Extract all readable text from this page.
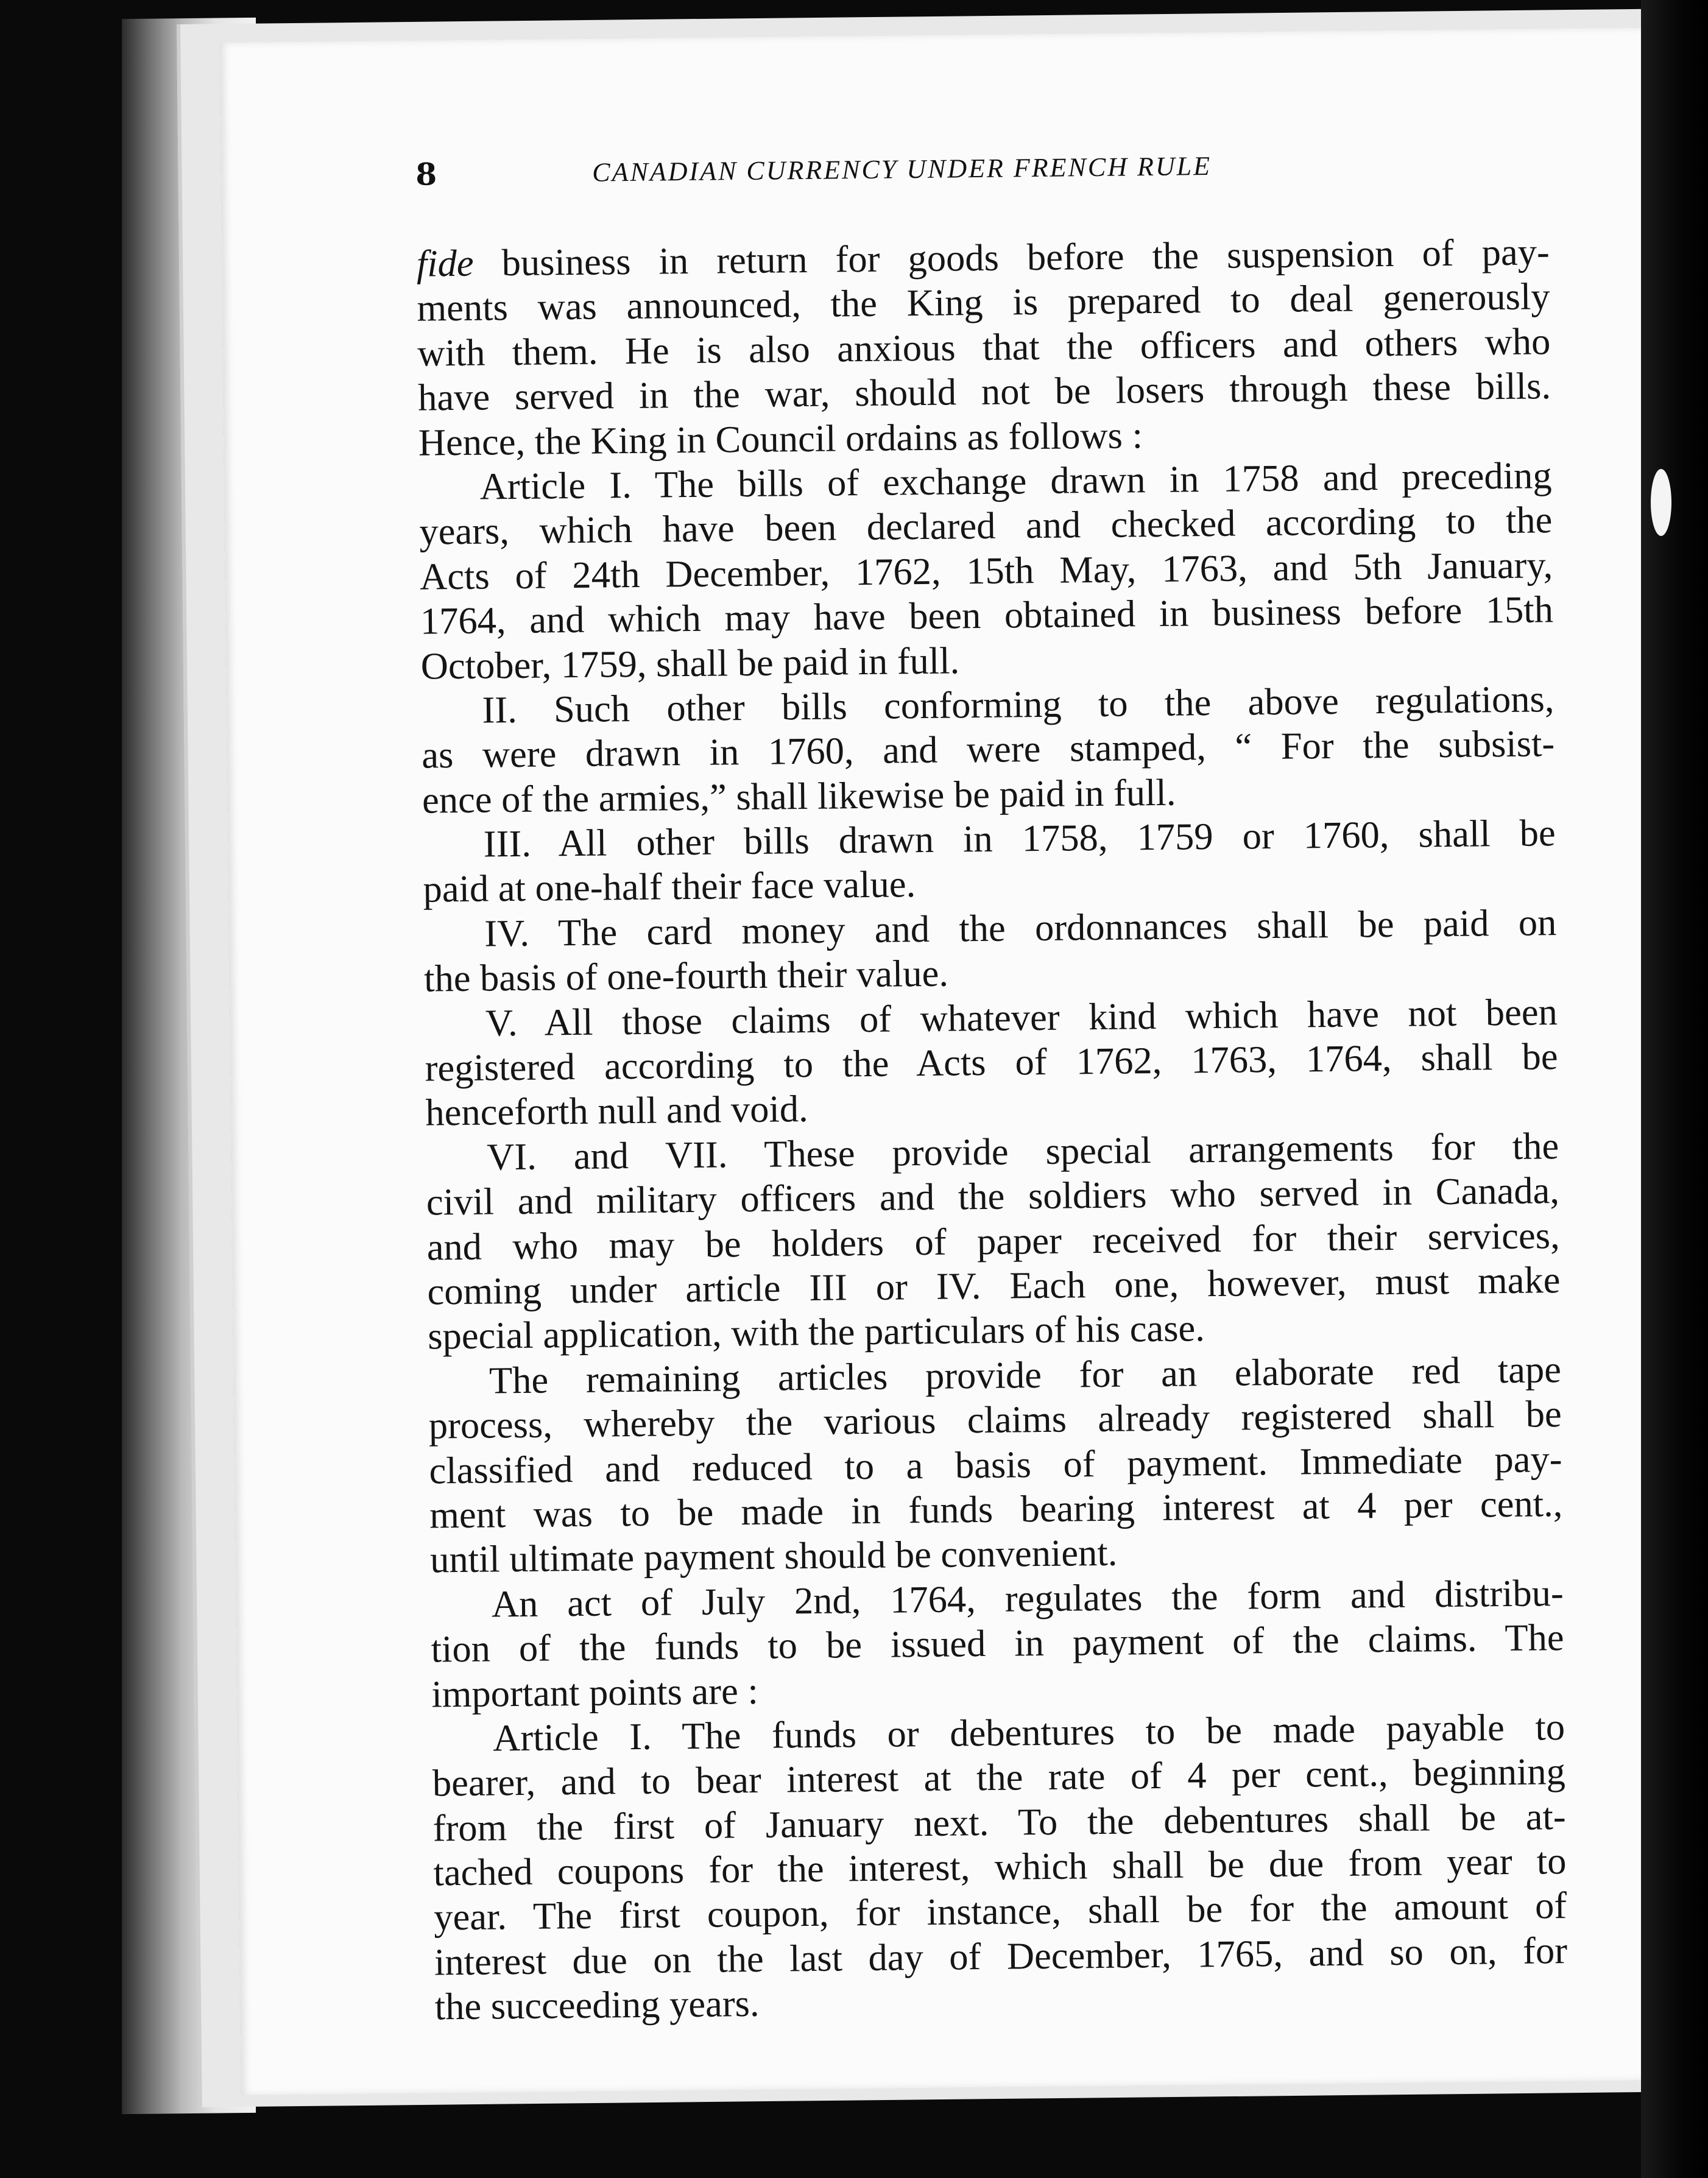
8	CANADIAN CURRENCY UNDER FRENCH RULE
fide business in return for goods before the suspension of pay-
ments was announced, the King is prepared to deal generously
with them. He is also anxious that the officers and others who
have served in the war, should not be losers through these bills.
Hence, the King in Council ordains as follows :
Article I. The bills of exchange drawn in 1758 and preceding
years, which have been declared and checked according to the
Acts of 24th December, 1762, 15th May, 1763, and 5th January,
1764, and which may have been obtained in business before 15th
October, 1759, shall be paid in full.
II. Such other bills conforming to the above regulations,
as were drawn in 1760, and were stamped, “ For the subsist-
ence of the armies,” shall likewise be paid in full.
III. All other bills drawn in 1758, 1759 or 1760, shall be
paid at one-half their face value.
IV. The card money and the ordonnances shall be paid on
the basis of one-fourth their value.
V. All those claims of whatever kind which have not been
registered according to the Acts of 1762, 1763, 1764, shall be
henceforth null and void.
VI. and VII. These provide special arrangements for the
civil and military officers and the soldiers who served in Canada,
and who may be holders of paper received for their services,
coming under article III or IV. Each one, however, must make
special application, with the particulars of his case.
The remaining articles provide for an elaborate red tape
process, whereby the various claims already registered shall be
classified and reduced to a basis of payment. Immediate pay-
ment was to be made in funds bearing interest at 4 per cent.,
until ultimate payment should be convenient.
An act of July 2nd, 1764, regulates the form and distribu-
tion of the funds to be issued in payment of the claims. The
important points are :
Article I. The funds or debentures to be made payable to
bearer, and to bear interest at the rate of 4 per cent., beginning
from the first of January next. To the debentures shall be at-
tached coupons for the interest, which shall be due from year to
year. The first coupon, for instance, shall be for the amount of
interest due on the last day of December, 1765, and so on, for
the succeeding years.
